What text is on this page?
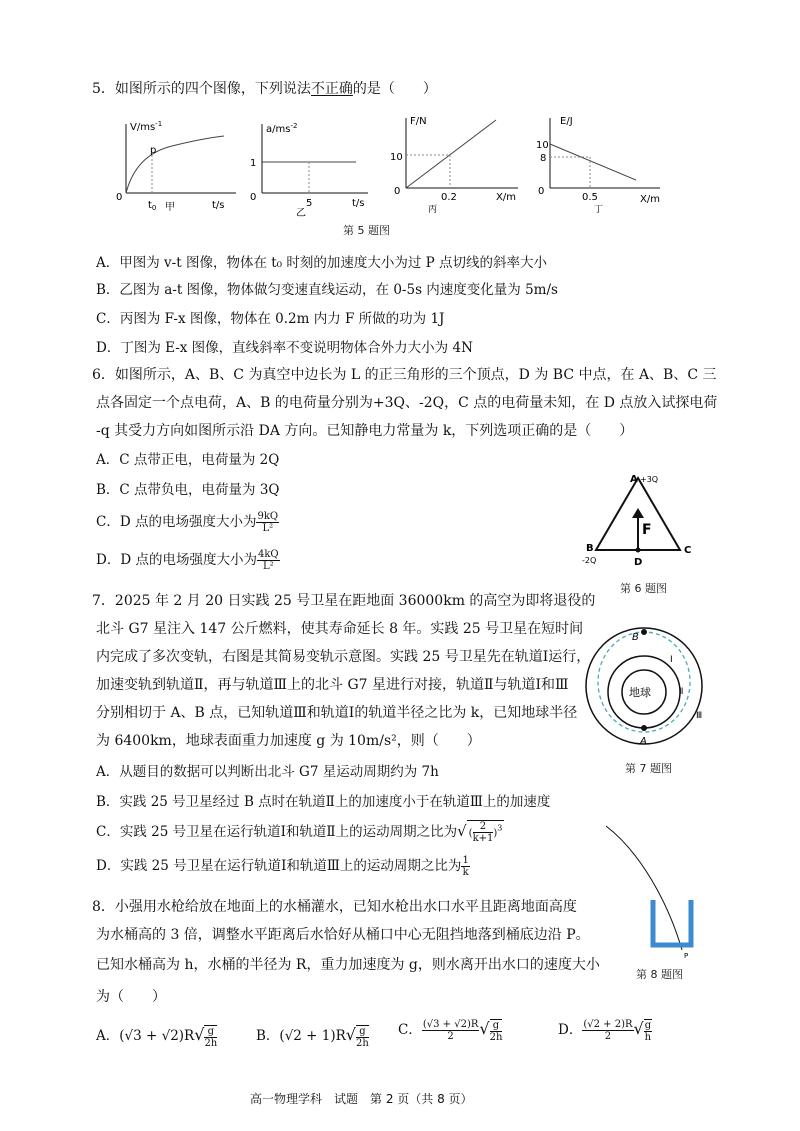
5．如图所示的四个图像，下列说法不正确的是（　　）
$V/ms^{-1}$
p
0
$t_0$ 甲	t/s
$a/ms^{-2}$
1
0
5
乙
t/s
F/N
10
0
0.2
丙
X/m
E/J
10
8
0
0.5
丁
X/m
第 5 题图
A．甲图为 v-t 图像，物体在 t₀ 时刻的加速度大小为过 P 点切线的斜率大小
B．乙图为 a-t 图像，物体做匀变速直线运动，在 0-5s 内速度变化量为 5m/s
C．丙图为 F-x 图像，物体在 0.2m 内力 F 所做的功为 1J
D．丁图为 E-x 图像，直线斜率不变说明物体合外力大小为 4N
6．如图所示，A、B、C 为真空中边长为 L 的正三角形的三个顶点，D 为 BC 中点，在 A、B、C 三
点各固定一个点电荷，A、B 的电荷量分别为+3Q、-2Q，C 点的电荷量未知，在 D 点放入试探电荷
-q 其受力方向如图所示沿 DA 方向。已知静电力常量为 k，下列选项正确的是（　　）
A．C 点带正电，电荷量为 2Q
B．C 点带负电，电荷量为 3Q
C．D 点的电场强度大小为 $\frac{9kQ}{\text{L²}}$
D．D 点的电场强度大小为 $\frac{4kQ}{\text{L²}}$
A +3Q
B
-2Q
C
D
F
第 6 题图
7．2025 年 2 月 20 日实践 25 号卫星在距地面 36000km 的高空为即将退役的
北斗 G7 星注入 147 公斤燃料，使其寿命延长 8 年。实践 25 号卫星在短时间
内完成了多次变轨，右图是其简易变轨示意图。实践 25 号卫星先在轨道Ⅰ运行，
加速变轨到轨道Ⅱ，再与轨道Ⅲ上的北斗 G7 星进行对接，轨道Ⅱ与轨道Ⅰ和Ⅲ
分别相切于 A、B 点，已知轨道Ⅲ和轨道Ⅰ的轨道半径之比为 k，已知地球半径
为 6400km，地球表面重力加速度 g 为 10m/s²，则（　　）
A．从题目的数据可以判断出北斗 G7 星运动周期约为 7h
B．实践 25 号卫星经过 B 点时在轨道Ⅱ上的加速度小于在轨道Ⅲ上的加速度
C．实践 25 号卫星在运行轨道Ⅰ和轨道Ⅱ上的运动周期之比为√ ( $\frac{2}{k+1} )^3$
D．实践 25 号卫星在运行轨道Ⅰ和轨道Ⅲ上的运动周期之比为 $\frac{1}{k}$
地球
B
A
Ⅰ
Ⅱ
Ⅲ
第 7 题图
8．小强用水枪给放在地面上的水桶灌水，已知水枪出水口水平且距离地面高度
为水桶高的 3 倍，调整水平距离后水恰好从桶口中心无阻挡地落到桶底边沿 P。
已知水桶高为 h，水桶的半径为 R，重力加速度为 g，则水离开出水口的速度大小
为（　　）
P
第 8 题图
A．$(√3 + √2)R√ \frac{g}{2h}$	B．$(√2 + 1)R√ \frac{g}{2h}$ C． $\frac{(√3 + √2)R}{2}$ √ $\frac{g}{2h}$	D． $\frac{(√2 + 2)R}{2}$ √ $\frac{g}{h}$
高一物理学科　试题　第 2 页（共 8 页）
